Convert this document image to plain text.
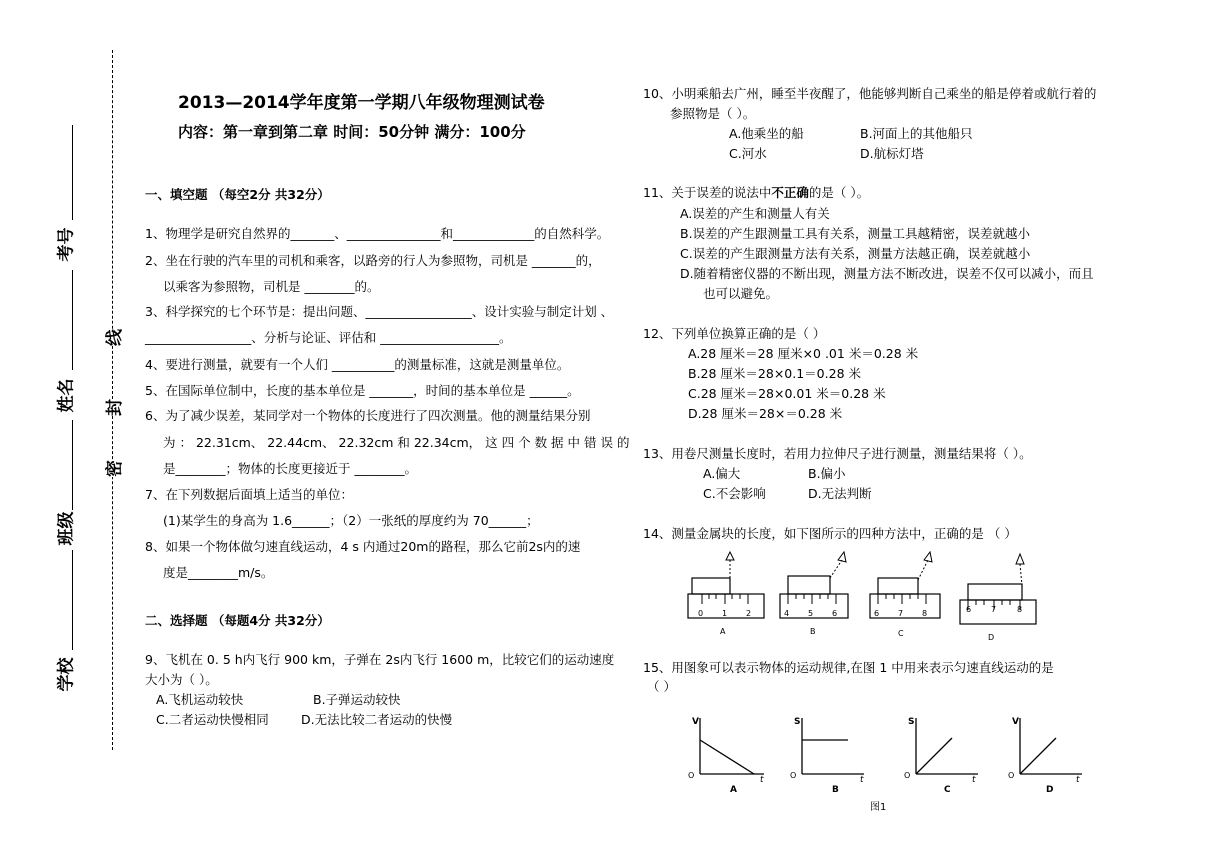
线
封
密
考号
姓名
班级
学校
2013—2014学年度第一学期八年级物理测试卷
内容：第一章到第二章 时间：50分钟 满分：100分
一、填空题 （每空2分 共32分）
1、物理学是研究自然界的_______、_______________和_____________的自然科学。
2、坐在行驶的汽车里的司机和乘客，以路旁的行人为参照物，司机是 _______的，
以乘客为参照物，司机是 ________的。
3、科学探究的七个环节是：提出问题、_________________、设计实验与制定计划 、
_________________、分析与论证、评估和 ___________________。
4、要进行测量，就要有一个人们 __________的测量标准，这就是测量单位。
5、在国际单位制中，长度的基本单位是 _______，时间的基本单位是 ______。
6、为了减少误差，某同学对一个物体的长度进行了四次测量。他的测量结果分别
为 ： 22.31cm、 22.44cm、 22.32cm 和 22.34cm， 这 四 个 数 据 中 错 误 的
是________；物体的长度更接近于 ________。
7、在下列数据后面填上适当的单位：
(1)某学生的身高为 1.6______；（2）一张纸的厚度约为 70______；
8、如果一个物体做匀速直线运动，4 s 内通过20m的路程，那么它前2s内的速
度是________m/s。
二、选择题 （每题4分 共32分）
9、飞机在 0. 5 h内飞行 900 km，子弹在 2s内飞行 1600 m，比较它们的运动速度
大小为（ ）。
A.飞机运动较快	B.子弹运动较快
C.二者运动快慢相同	D.无法比较二者运动的快慢
10、小明乘船去广州，睡至半夜醒了，他能够判断自己乘坐的船是停着或航行着的
参照物是（ ）。
A.他乘坐的船	B.河面上的其他船只
C.河水	D.航标灯塔
11、关于误差的说法中不正确的是（ ）。
A.误差的产生和测量人有关
B.误差的产生跟测量工具有关系，测量工具越精密，误差就越小
C.误差的产生跟测量方法有关系，测量方法越正确，误差就越小
D.随着精密仪器的不断出现，测量方法不断改进，误差不仅可以减小，而且
也可以避免。
12、下列单位换算正确的是（ ）
A.28 厘米＝28 厘米×0 .01 米＝0.28 米
B.28 厘米＝28×0.1＝0.28 米
C.28 厘米＝28×0.01 米＝0.28 米
D.28 厘米＝28×＝0.28 米
13、用卷尺测量长度时，若用力拉伸尺子进行测量，测量结果将（ ）。
A.偏大	B.偏小
C.不会影响	D.无法判断
14、测量金属块的长度，如下图所示的四种方法中，正确的是 （ ）
0 1 2
A
4 5 6
B
6 7 8
C
6 7	8
D
15、用图象可以表示物体的运动规律,在图 1 中用来表示匀速直线运动的是
（ ）
V
O	t
A
S
O	t
B
S
O	t
C
V
O	t
D
图1
